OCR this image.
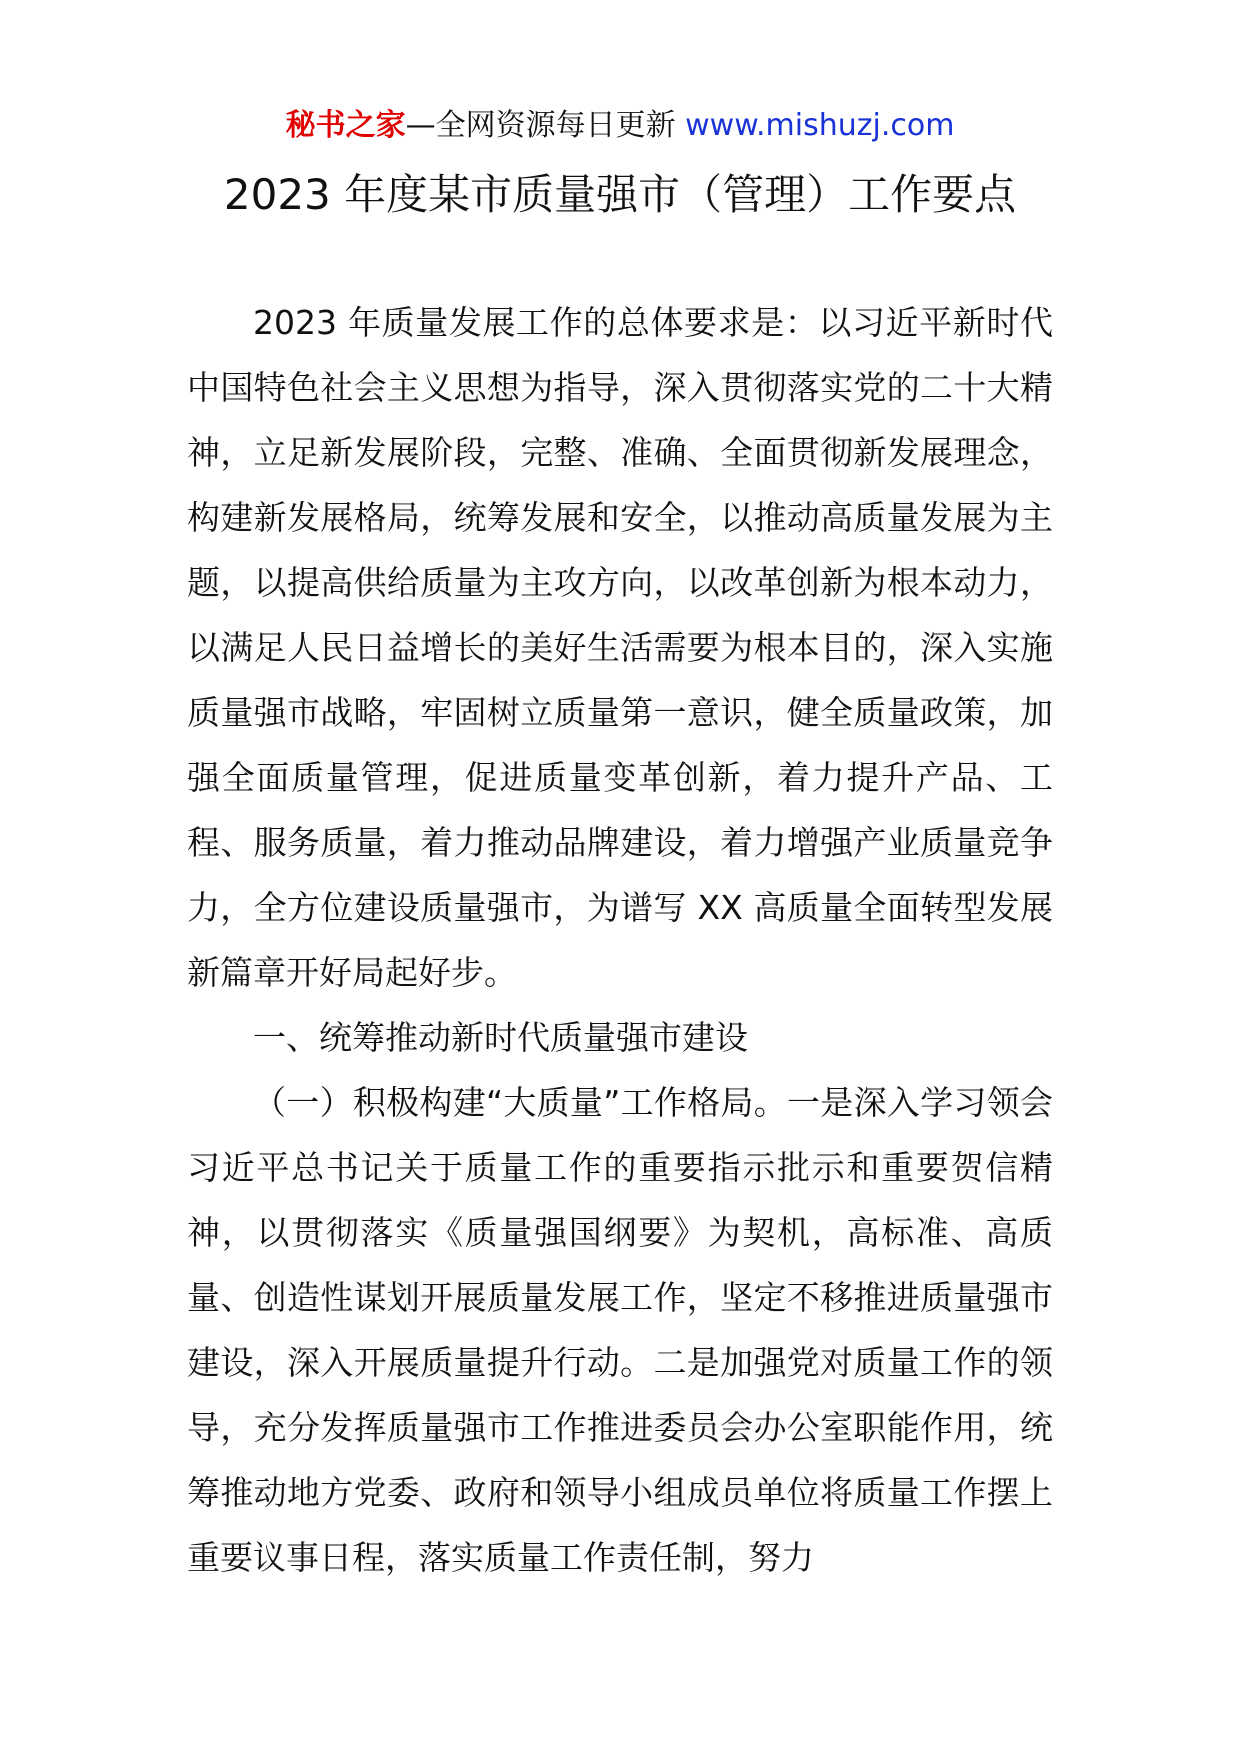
秘书之家—全网资源每日更新 www.mishuzj.com
2023 年度某市质量强市（管理）工作要点

2023 年质量发展工作的总体要求是：以习近平新时代中国特色社会主义思想为指导，深入贯彻落实党的二十大精神，立足新发展阶段，完整、准确、全面贯彻新发展理念，构建新发展格局，统筹发展和安全，以推动高质量发展为主题，以提高供给质量为主攻方向，以改革创新为根本动力，以满足人民日益增长的美好生活需要为根本目的，深入实施质量强市战略，牢固树立质量第一意识，健全质量政策，加强全面质量管理，促进质量变革创新，着力提升产品、工程、服务质量，着力推动品牌建设，着力增强产业质量竞争力，全方位建设质量强市，为谱写 XX 高质量全面转型发展新篇章开好局起好步。

一、统筹推动新时代质量强市建设

（一）积极构建“大质量”工作格局。一是深入学习领会习近平总书记关于质量工作的重要指示批示和重要贺信精神，以贯彻落实《质量强国纲要》为契机，高标准、高质量、创造性谋划开展质量发展工作，坚定不移推进质量强市建设，深入开展质量提升行动。二是加强党对质量工作的领导，充分发挥质量强市工作推进委员会办公室职能作用，统筹推动地方党委、政府和领导小组成员单位将质量工作摆上重要议事日程，落实质量工作责任制，努力
